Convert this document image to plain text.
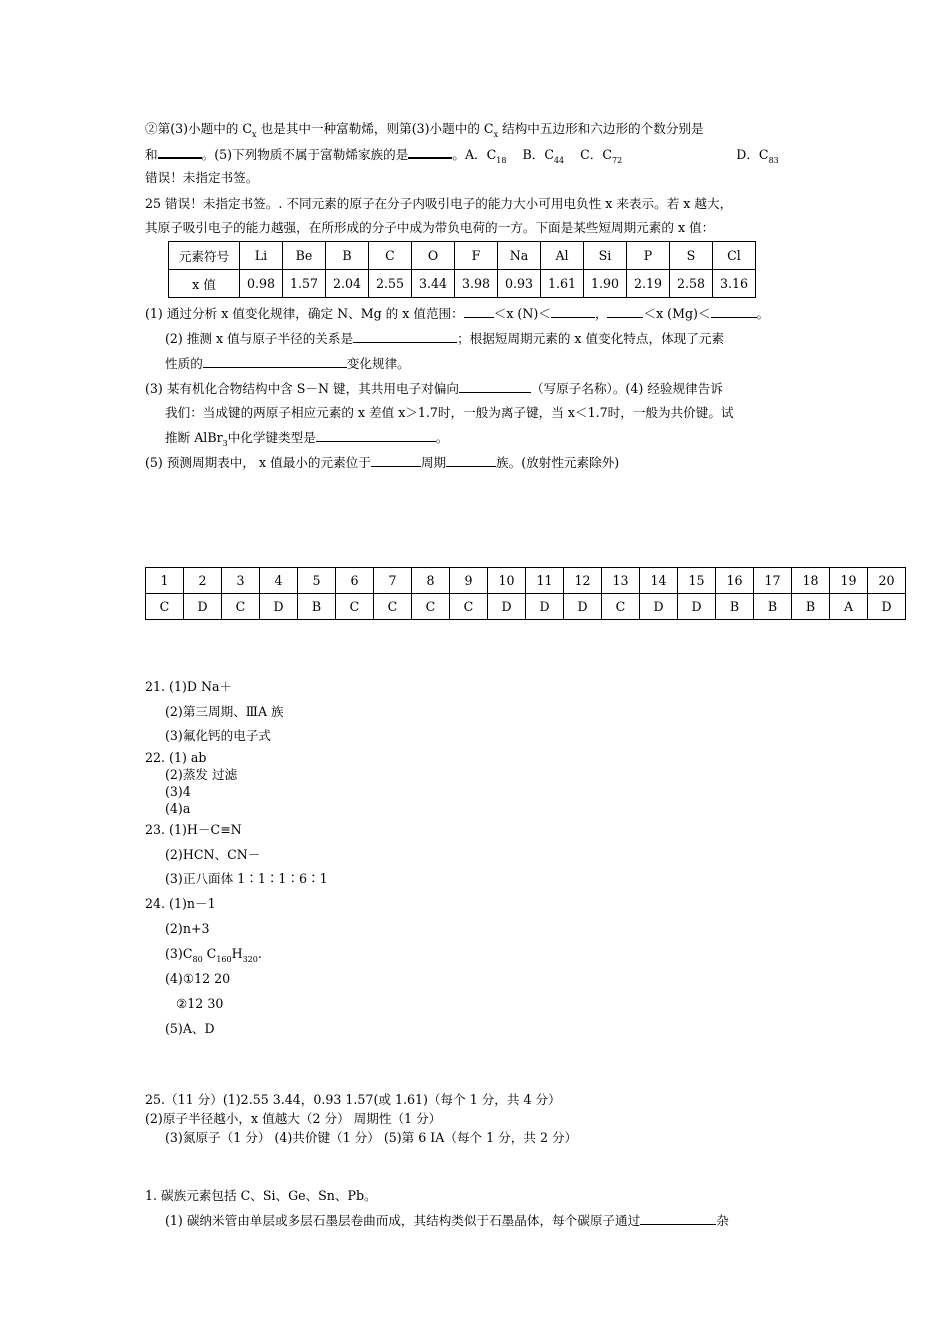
②第(3)小题中的 $C_x$ 也是其中一种富勒烯，则第(3)小题中的 $C_x$ 结构中五边形和六边形的个数分别是
和	。(5)下列物质不属于富勒烯家族的是	。A．$C_{18}$ B．$C_{44}$ C．$C_{72}$	D．$C_{83}$
错误！未指定书签。
25 错误！未指定书签。. 不同元素的原子在分子内吸引电子的能力大小可用电负性 x 来表示。若 x 越大，
其原子吸引电子的能力越强，在所形成的分子中成为带负电荷的一方。下面是某些短周期元素的 x 值：
元素符号	Li	Be	B	C	O	F	Na	Al	Si	P	S	Cl
x 值	0.98	1.57	2.04	2.55	3.44	3.98	0.93	1.61	1.90	2.19	2.58	3.16
(1) 通过分析 x 值变化规律，确定 N、Mg 的 x 值范围： ＜x (N)＜	，	＜x (Mg)＜	。
(2) 推测 x 值与原子半径的关系是	；根据短周期元素的 x 值变化特点，体现了元素
性质的	变化规律。
(3) 某有机化合物结构中含 S－N 键，其共用电子对偏向	（写原子名称）。(4) 经验规律告诉
我们：当成键的两原子相应元素的 x 差值 x＞1.7时，一般为离子键，当 x＜1.7时，一般为共价键。试
推断 AlBr$_3$中化学键类型是	。
(5) 预测周期表中， x 值最小的元素位于	周期	族。(放射性元素除外)
1	2	3	4	5	6	7	8	9	10	11	12	13	14	15	16	17	18	19	20
C	D	C	D	B	C	C	C	C	D	D	D	C	D	D	B	B	B	A	D
21. (1)D Na＋
(2)第三周期、ⅢA 族
(3)氟化钙的电子式
22. (1) ab
(2)蒸发 过滤
(3)4
(4)a
23. (1)H－C≡N
(2)HCN、CN－
(3)正八面体 1∶1∶1∶6∶1
24. (1)n－1
(2)n+3
$(3)C_{80}$ $C_{160}H_{320}$.
(4)①12 20
②12 30
(5)A、D
25.（11 分）(1)2.55 3.44，0.93 1.57(或 1.61)（每个 1 分，共 4 分）
(2)原子半径越小，x 值越大（2 分） 周期性（1 分）
(3)氮原子（1 分） (4)共价键（1 分） (5)第 6 ⅠA（每个 1 分，共 2 分）
1. 碳族元素包括 C、Si、Ge、Sn、Pb。
(1) 碳纳米管由单层或多层石墨层卷曲而成，其结构类似于石墨晶体，每个碳原子通过	杂
